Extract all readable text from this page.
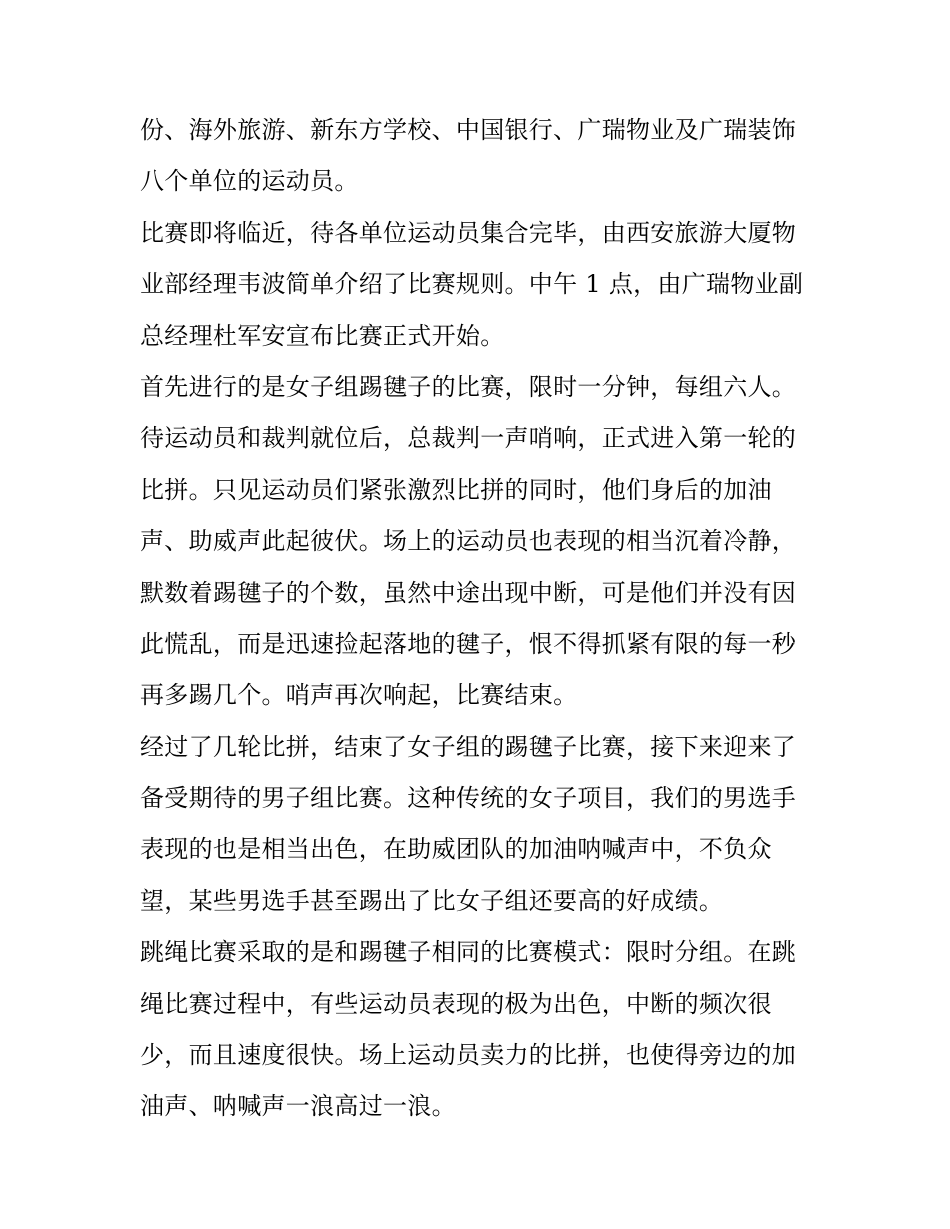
份、海外旅游、新东方学校、中国银行、广瑞物业及广瑞装饰
八个单位的运动员。
比赛即将临近，待各单位运动员集合完毕，由西安旅游大厦物
业部经理韦波简单介绍了比赛规则。中午 1 点，由广瑞物业副
总经理杜军安宣布比赛正式开始。
首先进行的是女子组踢毽子的比赛，限时一分钟，每组六人。
待运动员和裁判就位后，总裁判一声哨响，正式进入第一轮的
比拼。只见运动员们紧张激烈比拼的同时，他们身后的加油
声、助威声此起彼伏。场上的运动员也表现的相当沉着冷静，
默数着踢毽子的个数，虽然中途出现中断，可是他们并没有因
此慌乱，而是迅速捡起落地的毽子，恨不得抓紧有限的每一秒
再多踢几个。哨声再次响起，比赛结束。
经过了几轮比拼，结束了女子组的踢毽子比赛，接下来迎来了
备受期待的男子组比赛。这种传统的女子项目，我们的男选手
表现的也是相当出色，在助威团队的加油呐喊声中，不负众
望，某些男选手甚至踢出了比女子组还要高的好成绩。
跳绳比赛采取的是和踢毽子相同的比赛模式：限时分组。在跳
绳比赛过程中，有些运动员表现的极为出色，中断的频次很
少，而且速度很快。场上运动员卖力的比拼，也使得旁边的加
油声、呐喊声一浪高过一浪。
